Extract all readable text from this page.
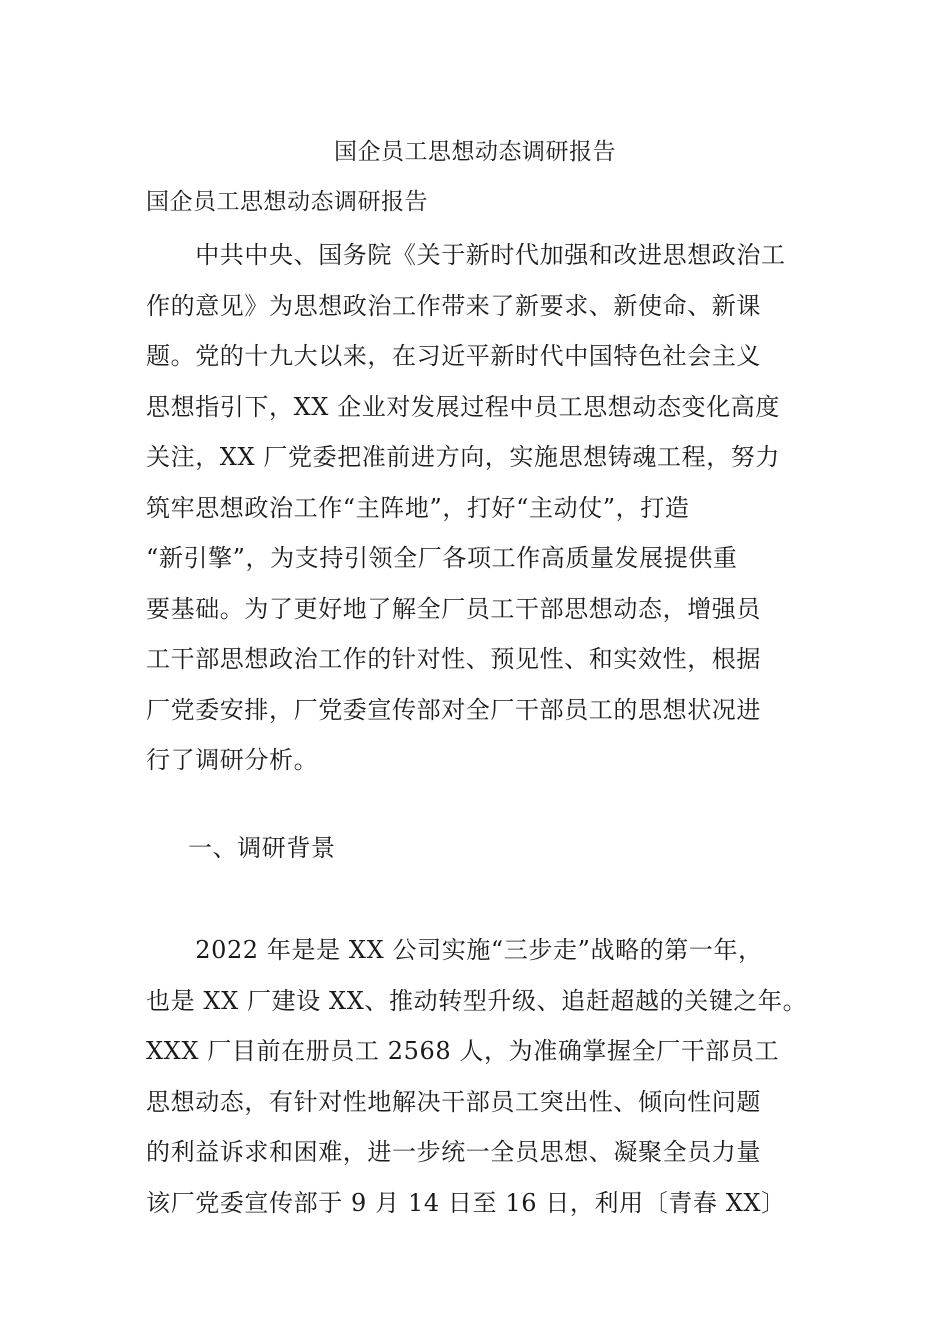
国企员工思想动态调研报告
国企员工思想动态调研报告
　　中共中央、国务院《关于新时代加强和改进思想政治工
作的意见》为思想政治工作带来了新要求、新使命、新课
题。党的十九大以来，在习近平新时代中国特色社会主义
思想指引下，XX 企业对发展过程中员工思想动态变化高度
关注，XX 厂党委把准前进方向，实施思想铸魂工程，努力
筑牢思想政治工作“主阵地”，打好“主动仗”，打造
“新引擎”，为支持引领全厂各项工作高质量发展提供重
要基础。为了更好地了解全厂员工干部思想动态，增强员
工干部思想政治工作的针对性、预见性、和实效性，根据
厂党委安排，厂党委宣传部对全厂干部员工的思想状况进
行了调研分析。
一、调研背景
　　2022 年是是 XX 公司实施“三步走”战略的第一年，
也是 XX 厂建设 XX、推动转型升级、追赶超越的关键之年。
XXX 厂目前在册员工 2568 人，为准确掌握全厂干部员工
思想动态，有针对性地解决干部员工突出性、倾向性问题
的利益诉求和困难，进一步统一全员思想、凝聚全员力量
该厂党委宣传部于 9 月 14 日至 16 日，利用〔青春 XX〕
